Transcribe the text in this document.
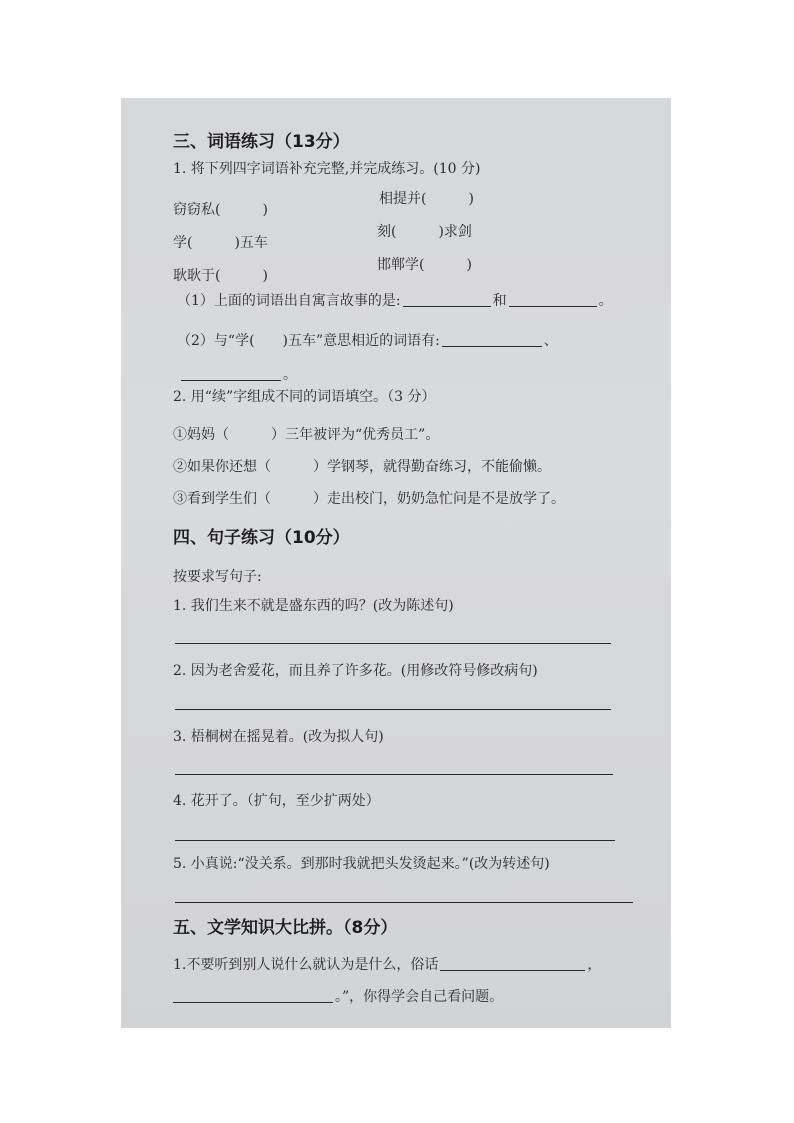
三、词语练习（13分）
1. 将下列四字词语补充完整,并完成练习。(10 分)
窃窃私(　　　)
相提并(　　　)
学(　　　)五车
刻(　　　)求剑
耿耿于(　　　)
邯郸学(　　　)
（1）上面的词语出自寓言故事的是:	和	。
（2）与“学(　　)五车”意思相近的词语有:	、
。
2. 用“续”字组成不同的词语填空。（3 分）
①妈妈（　　　）三年被评为“优秀员工”。
②如果你还想（　　　）学钢琴，就得勤奋练习，不能偷懒。
③看到学生们（　　　）走出校门，奶奶急忙问是不是放学了。
四、句子练习（10分）
按要求写句子:
1. 我们生来不就是盛东西的吗？(改为陈述句)
2. 因为老舍爱花，而且养了许多花。(用修改符号修改病句)
3. 梧桐树在摇晃着。(改为拟人句)
4. 花开了。（扩句，至少扩两处）
5. 小真说:“没关系。到那时我就把头发烫起来。”(改为转述句)
五、文学知识大比拼。（8分）
1.不要听到别人说什么就认为是什么，俗话	，
。”，你得学会自己看问题。
